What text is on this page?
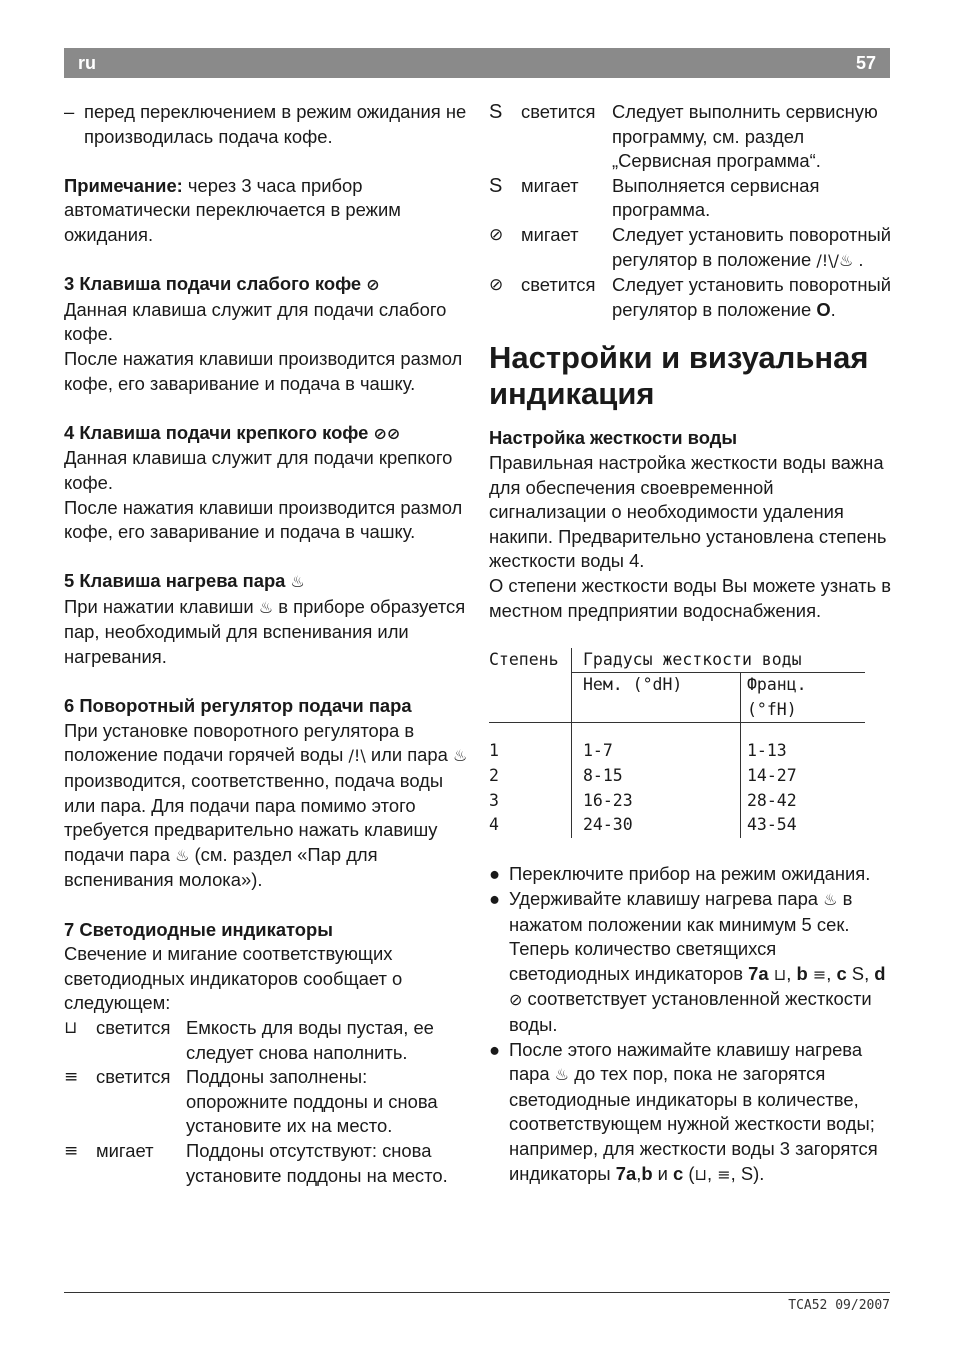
ru	57
– перед переключением в режим ожидания не производилась подача кофе.

Примечание: через 3 часа прибор автоматически переключается в режим ожидания.

3 Клавиша подачи слабого кофе ⊘

Данная клавиша служит для подачи слабого кофе.

После нажатия клавиши производится размол кофе, его заваривание и подача в чашку.

4 Клавиша подачи крепкого кофе ⊘⊘

Данная клавиша служит для подачи крепкого кофе.

После нажатия клавиши производится размол кофе, его заваривание и подача в чашку.

5 Клавиша нагрева пара ♨

При нажатии клавиши ♨ в приборе образуется пар, необходимый для вспенивания или нагревания.

6 Поворотный регулятор подачи пара

При установке поворотного регулятора в положение подачи горячей воды /!\ или пара ♨ производится, соответственно, подача воды или пара. Для подачи пара помимо этого требуется предварительно нажать клавишу подачи пара ♨ (см. раздел «Пар для вспенивания молока»).

7 Светодиодные индикаторы

Свечение и мигание соответствующих светодиодных индикаторов сообщает о следующем:

⊔	светится Емкость для воды пустая, ее следует снова наполнить.
≡ светится Поддоны заполнены: опорожните поддоны и снова установите их на место.
≡ мигает	Поддоны отсутствуют: снова установите поддоны на место.
S	светится Следует выполнить сервисную программу, см. раздел „Сервисная программа“.
S	мигает	Выполняется сервисная программа.
⊘ мигает	Следует установить поворотный регулятор в положение /!\/♨ .
⊘ светится Следует установить поворотный регулятор в положение O.

Настройки и визуальная индикация

Настройка жесткости воды

Правильная настройка жесткости воды важна для обеспечения своевременной сигнализации о необходимости удаления накипи. Предварительно установлена степень жесткости воды 4.

О степени жесткости воды Вы можете узнать в местном предприятии водоснабжения.

Степень	Градусы жесткости воды	
	Нем. (°dH)	Франц. (°fH)

1	1-7	1-13
2	8-15	14-27
3	16-23	28-42
4	24-30	43-54
● Переключите прибор на режим ожидания.
● Удерживайте клавишу нагрева пара ♨ в нажатом положении как минимум 5 сек. Теперь количество светящихся светодиодных индикаторов 7а ⊔, b ≡, c S, d ⊘ соответствует установленной жесткости воды.
● После этого нажимайте клавишу нагрева пара ♨ до тех пор, пока не загорятся светодиодные индикаторы в количестве, соответствующем нужной жесткости воды; например, для жесткости воды 3 загорятся индикаторы 7а,b и c (⊔, ≡, S).
TCA52 09/2007
